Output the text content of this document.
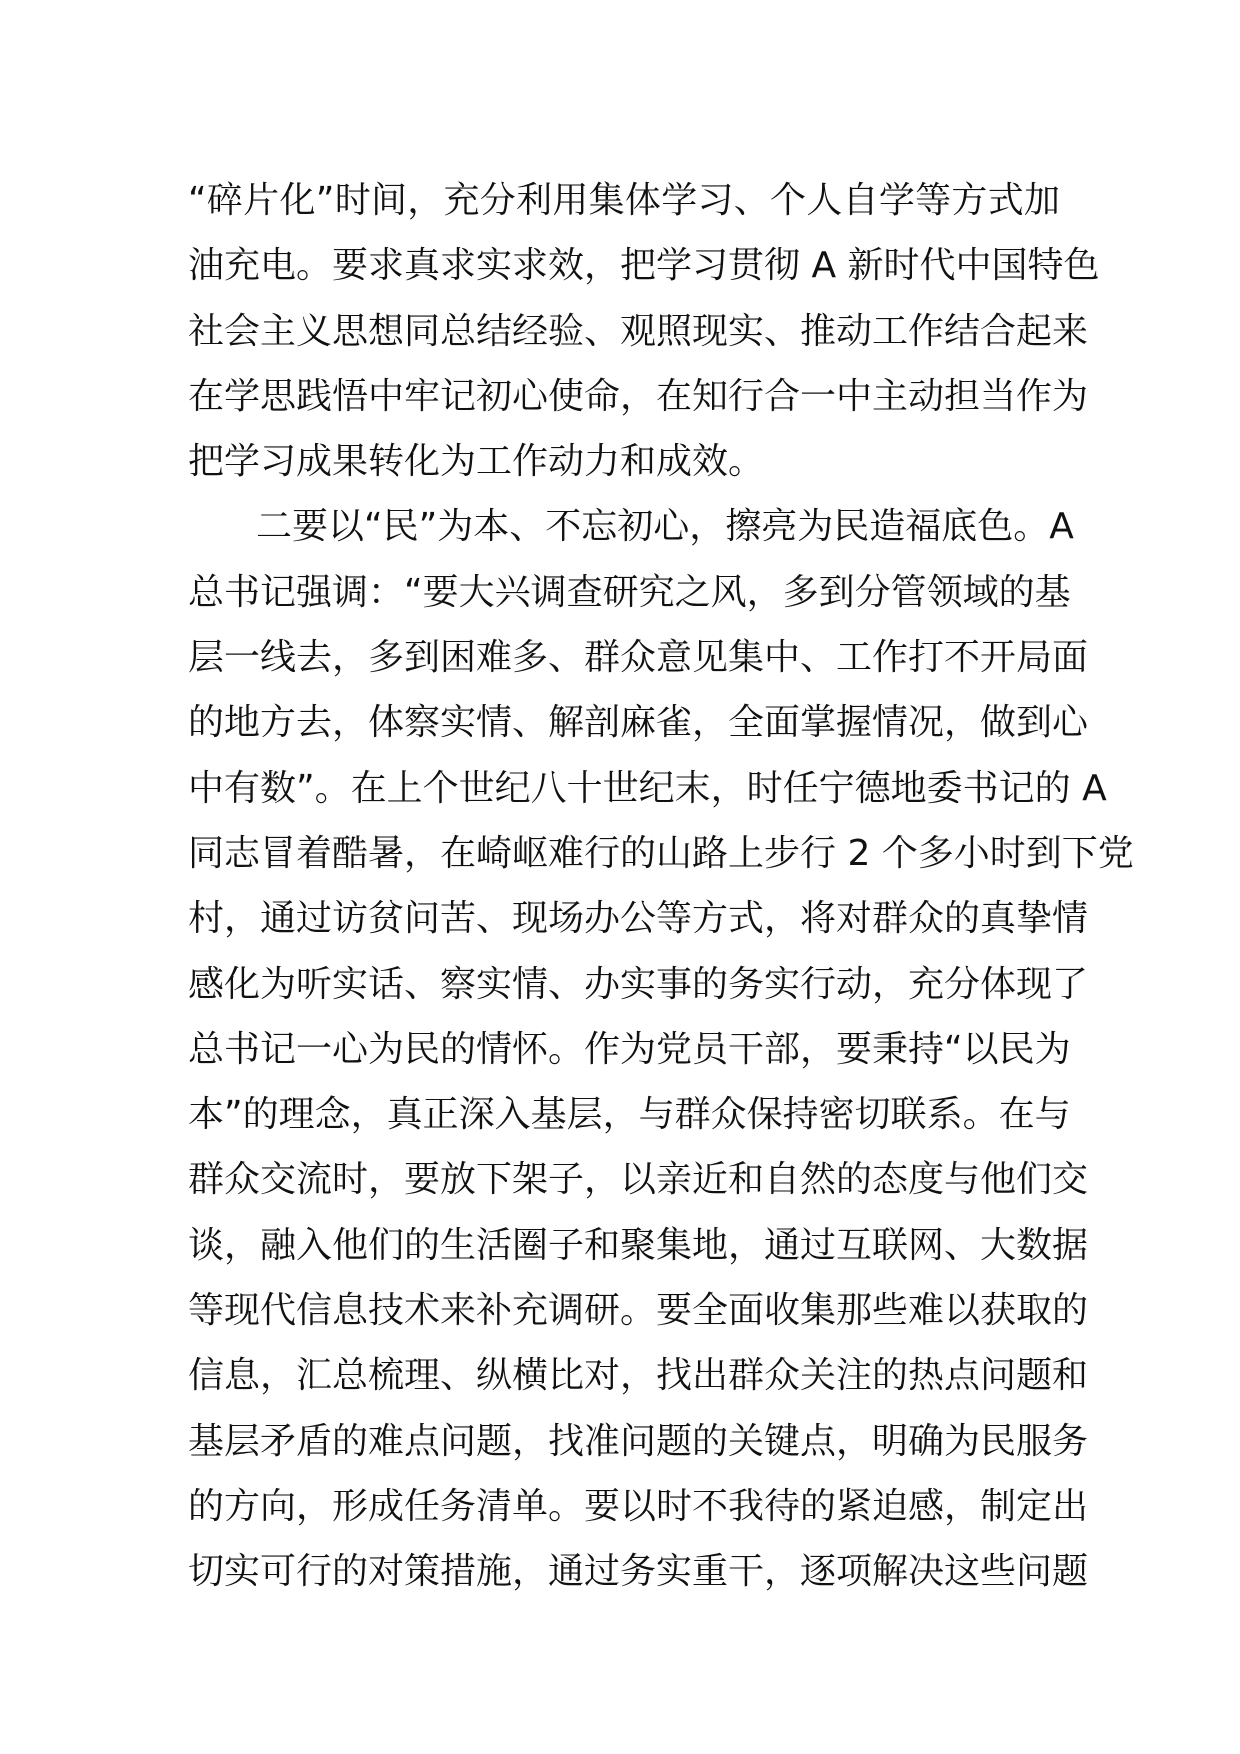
“碎片化”时间，充分利用集体学习、个人自学等方式加
油充电。要求真求实求效，把学习贯彻 A 新时代中国特色
社会主义思想同总结经验、观照现实、推动工作结合起来
在学思践悟中牢记初心使命，在知行合一中主动担当作为
把学习成果转化为工作动力和成效。
二要以“民”为本、不忘初心，擦亮为民造福底色。A
总书记强调：“要大兴调查研究之风，多到分管领域的基
层一线去，多到困难多、群众意见集中、工作打不开局面
的地方去，体察实情、解剖麻雀，全面掌握情况，做到心
中有数”。在上个世纪八十世纪末，时任宁德地委书记的 A
同志冒着酷暑，在崎岖难行的山路上步行 2 个多小时到下党
村，通过访贫问苦、现场办公等方式，将对群众的真挚情
感化为听实话、察实情、办实事的务实行动，充分体现了
总书记一心为民的情怀。作为党员干部，要秉持“以民为
本”的理念，真正深入基层，与群众保持密切联系。在与
群众交流时，要放下架子，以亲近和自然的态度与他们交
谈，融入他们的生活圈子和聚集地，通过互联网、大数据
等现代信息技术来补充调研。要全面收集那些难以获取的
信息，汇总梳理、纵横比对，找出群众关注的热点问题和
基层矛盾的难点问题，找准问题的关键点，明确为民服务
的方向，形成任务清单。要以时不我待的紧迫感，制定出
切实可行的对策措施，通过务实重干，逐项解决这些问题
